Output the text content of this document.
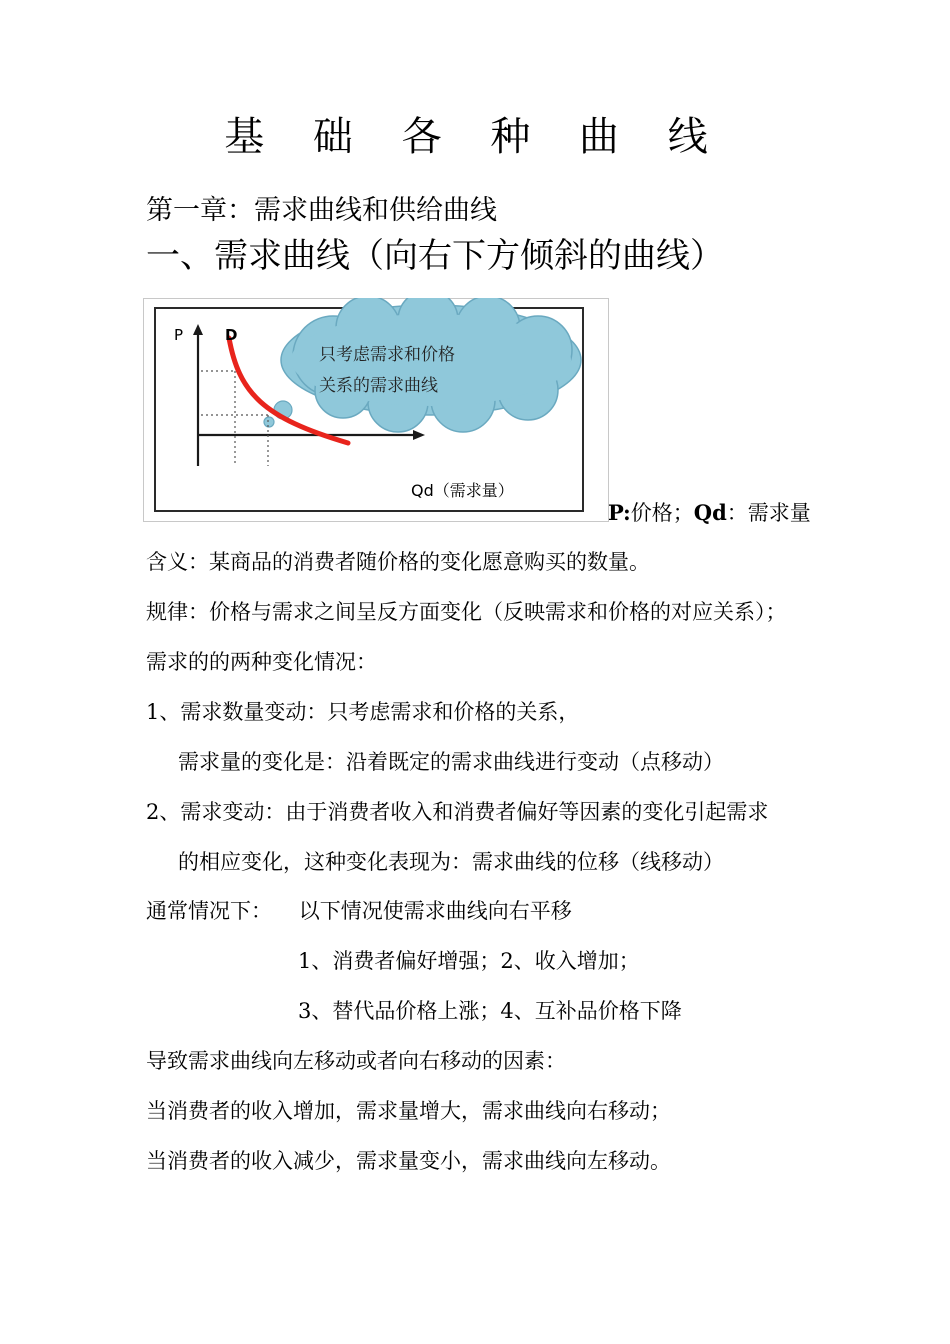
基 础 各 种 曲 线
第一章：需求曲线和供给曲线
一、需求曲线（向右下方倾斜的曲线）
P	D
只考虑需求和价格
关系的需求曲线
Qd（需求量）
P:价格；Qd：需求量
含义：某商品的消费者随价格的变化愿意购买的数量。
规律：价格与需求之间呈反方面变化（反映需求和价格的对应关系）；
需求的的两种变化情况：
1、需求数量变动：只考虑需求和价格的关系，
需求量的变化是：沿着既定的需求曲线进行变动（点移动）
2、需求变动：由于消费者收入和消费者偏好等因素的变化引起需求
的相应变化，这种变化表现为：需求曲线的位移（线移动）
通常情况下：    以下情况使需求曲线向右平移
1、消费者偏好增强；2、收入增加；
3、替代品价格上涨；4、互补品价格下降
导致需求曲线向左移动或者向右移动的因素：
当消费者的收入增加，需求量增大，需求曲线向右移动；
当消费者的收入减少，需求量变小，需求曲线向左移动。
